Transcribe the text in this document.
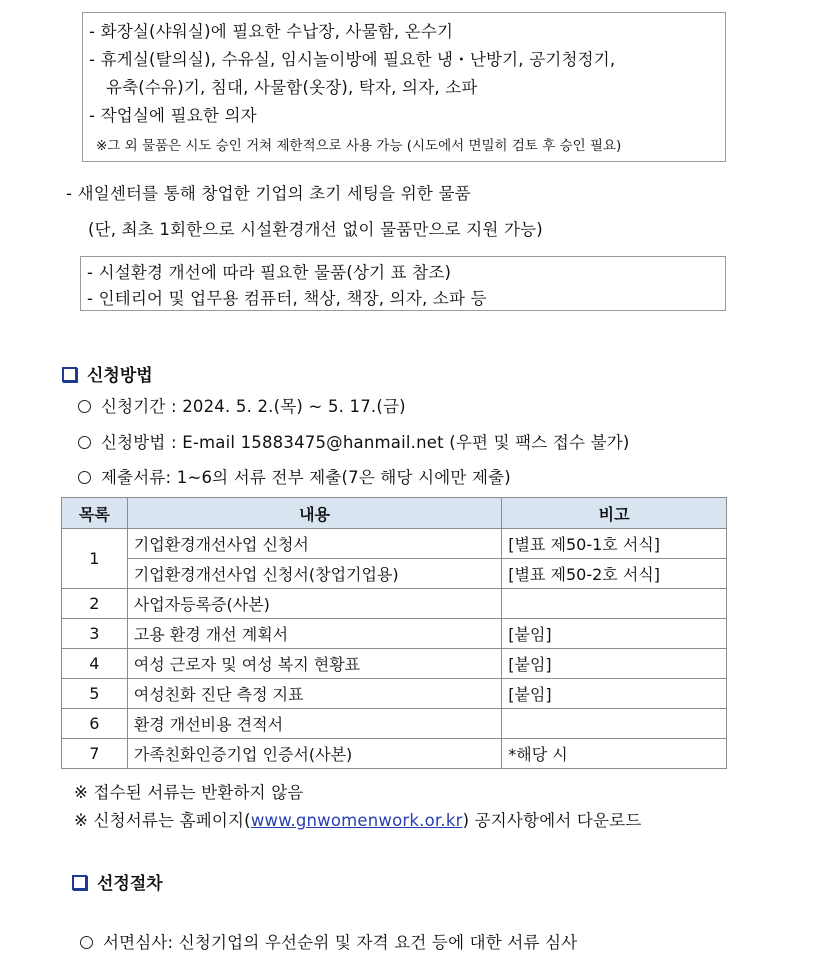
- 화장실(샤워실)에 필요한 수납장, 사물함, 온수기
- 휴게실(탈의실), 수유실, 임시놀이방에 필요한 냉・난방기, 공기청정기,
유축(수유)기, 침대, 사물함(옷장), 탁자, 의자, 소파
- 작업실에 필요한 의자
※그 외 물품은 시도 승인 거쳐 제한적으로 사용 가능 (시도에서 면밀히 검토 후 승인 필요)
- 새일센터를 통해 창업한 기업의 초기 세팅을 위한 물품
(단, 최초 1회한으로 시설환경개선 없이 물품만으로 지원 가능)
- 시설환경 개선에 따라 필요한 물품(상기 표 참조)
- 인테리어 및 업무용 컴퓨터, 책상, 책장, 의자, 소파 등
신청방법
신청기간 : 2024. 5. 2.(목) ~ 5. 17.(금)
신청방법 : E-mail 15883475@hanmail.net (우편 및 팩스 접수 불가)
제출서류: 1~6의 서류 전부 제출(7은 해당 시에만 제출)
목록	내용	비고
1	기업환경개선사업 신청서	[별표 제50-1호 서식]
	기업환경개선사업 신청서(창업기업용)	[별표 제50-2호 서식]
2	사업자등록증(사본)	
3	고용 환경 개선 계획서	[붙임]
4	여성 근로자 및 여성 복지 현황표	[붙임]
5	여성친화 진단 측정 지표	[붙임]
6	환경 개선비용 견적서	
7	가족친화인증기업 인증서(사본)	*해당 시
※ 접수된 서류는 반환하지 않음
※ 신청서류는 홈페이지(www.gnwomenwork.or.kr) 공지사항에서 다운로드
선정절차
서면심사: 신청기업의 우선순위 및 자격 요건 등에 대한 서류 심사
